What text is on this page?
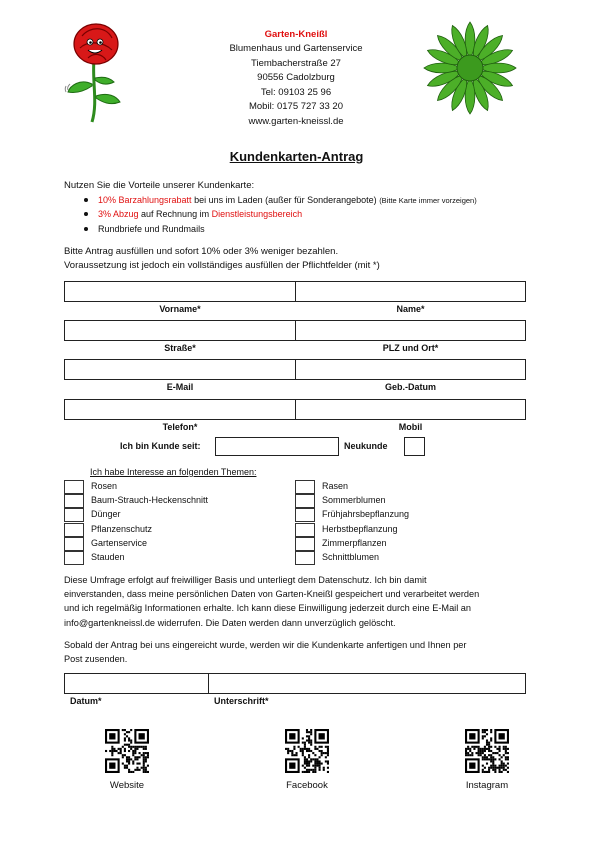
Garten-Kneißl
Blumenhaus und Gartenservice
Tiembacherstraße 27
90556 Cadolzburg
Tel: 09103 25 96
Mobil: 0175 727 33 20
www.garten-kneissl.de
Kundenkarten-Antrag
Nutzen Sie die Vorteile unserer Kundenkarte:
10% Barzahlungsrabatt bei uns im Laden (außer für Sonderangebote) (Bitte Karte immer vorzeigen)
3% Abzug auf Rechnung im Dienstleistungsbereich
Rundbriefe und Rundmails
Bitte Antrag ausfüllen und sofort 10% oder 3% weniger bezahlen.
Voraussetzung ist jedoch ein vollständiges ausfüllen der Pflichtfelder (mit *)
Vorname*	Name*
Straße*	PLZ und Ort*
E-Mail	Geb.-Datum
Telefon*	Mobil
Ich bin Kunde seit:	Neukunde
Ich habe Interesse an folgenden Themen:
Diese Umfrage erfolgt auf freiwilliger Basis und unterliegt dem Datenschutz. Ich bin damit
einverstanden, dass meine persönlichen Daten von Garten-Kneißl gespeichert und verarbeitet werden
und ich regelmäßig Informationen erhalte. Ich kann diese Einwilligung jederzeit durch eine E-Mail an
info@gartenkneissl.de widerrufen. Die Daten werden dann unverzüglich gelöscht.
Sobald der Antrag bei uns eingereicht wurde, werden wir die Kundenkarte anfertigen und Ihnen per
Post zusenden.
Datum*	Unterschrift*
Website	Facebook	Instagram
Rosen
Baum-Strauch-Heckenschnitt
Dünger
Pflanzenschutz
Gartenservice
Stauden
Rasen
Sommerblumen
Frühjahrsbepflanzung
Herbstbepflanzung
Zimmerpflanzen
Schnittblumen
